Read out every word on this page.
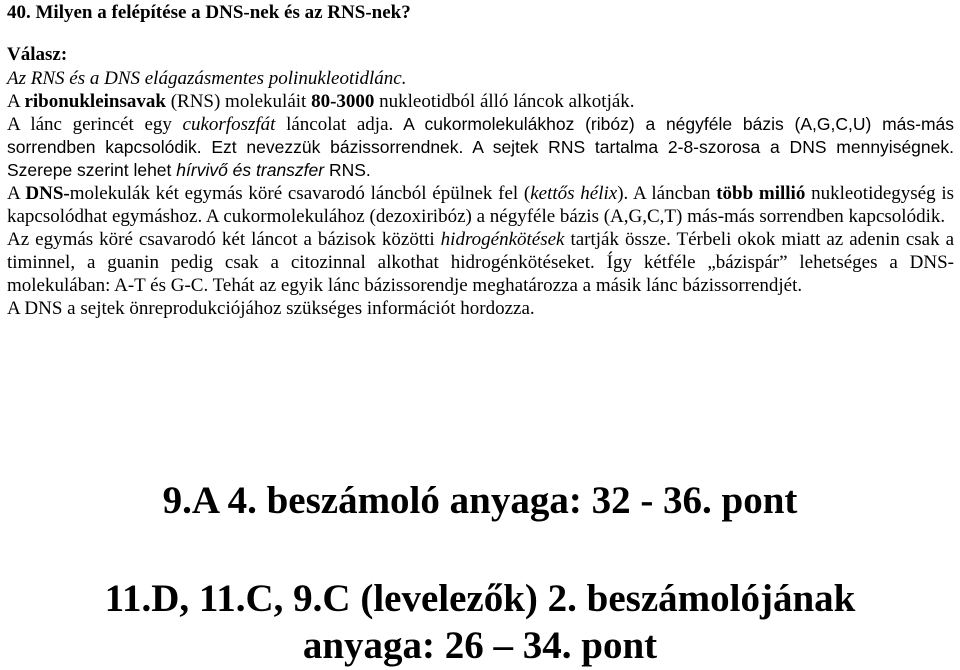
40. Milyen a felépítése a DNS-nek és az RNS-nek?
Válasz:

Az RNS és a DNS elágazásmentes polinukleotidlánc.

A ribonukleinsavak (RNS) molekuláit 80-3000 nukleotidból álló láncok alkotják.

A lánc gerincét egy cukorfoszfát láncolat adja. A cukormolekulákhoz (ribóz) a négyféle bázis (A,G,C,U) más-más sorrendben kapcsolódik. Ezt nevezzük bázissorrendnek. A sejtek RNS tartalma 2-8-szorosa a DNS mennyiségnek. Szerepe szerint lehet hírvivő és transzfer RNS.

A DNS-molekulák két egymás köré csavarodó láncból épülnek fel (kettős hélix). A láncban több millió nukleotidegység is kapcsolódhat egymáshoz. A cukormolekulához (dezoxiribóz) a négyféle bázis (A,G,C,T) más-más sorrendben kapcsolódik.

Az egymás köré csavarodó két láncot a bázisok közötti hidrogénkötések tartják össze. Térbeli okok miatt az adenin csak a timinnel, a guanin pedig csak a citozinnal alkothat hidrogénkötéseket. Így kétféle „bázispár” lehetséges a DNS-molekulában: A-T és G-C. Tehát az egyik lánc bázissorendje meghatározza a másik lánc bázissorrendjét.

A DNS a sejtek önreprodukciójához szükséges információt hordozza.

9.A 4. beszámoló anyaga: 32 - 36. pont
11.D, 11.C, 9.C (levelezők) 2. beszámolójának
anyaga: 26 – 34. pont
